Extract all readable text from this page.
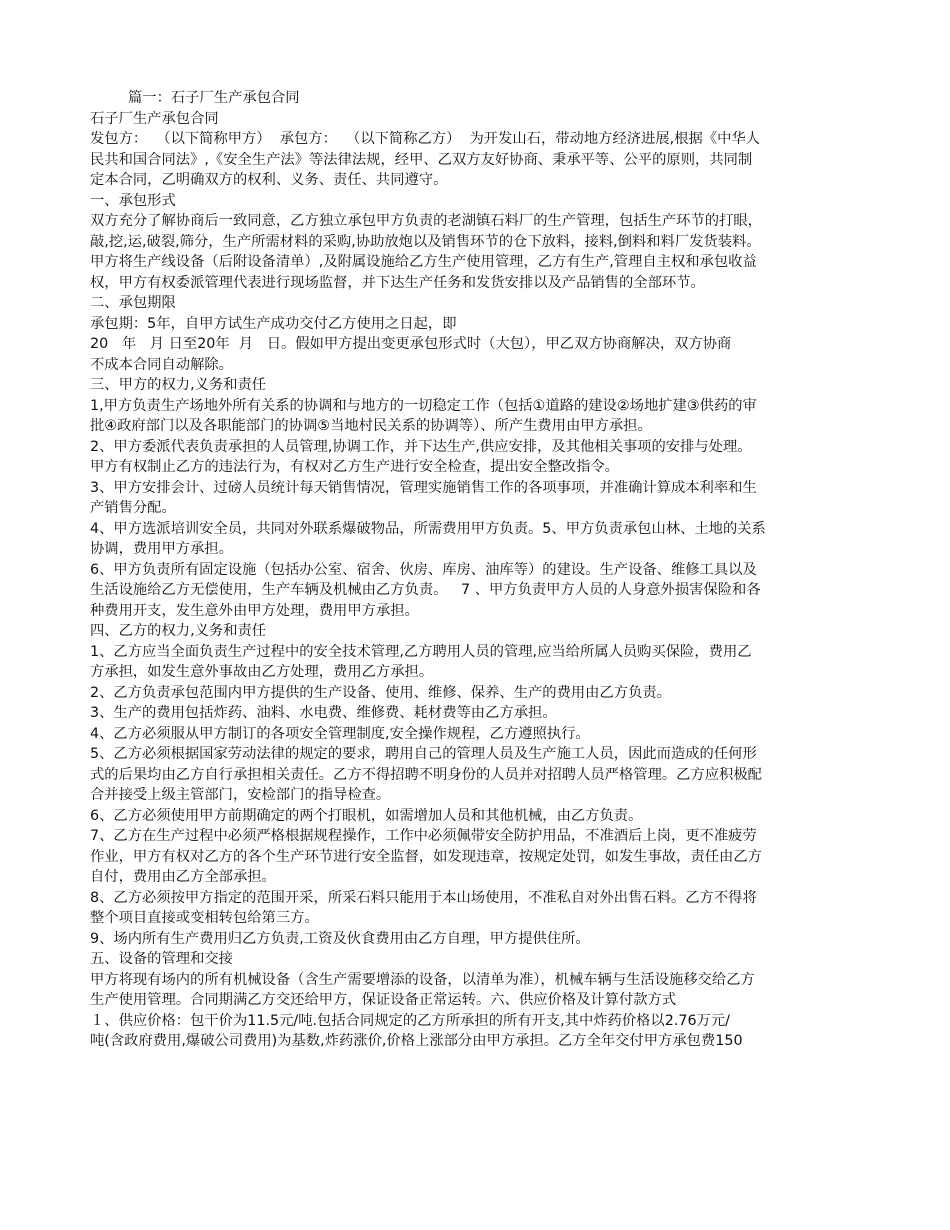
篇一：石子厂生产承包合同
石子厂生产承包合同
发包方：  （以下简称甲方）  承包方：  （以下简称乙方）  为开发山石，带动地方经济进展,根据《中华人
民共和国合同法》,《安全生产法》等法律法规，经甲、乙双方友好协商、秉承平等、公平的原则，共同制
定本合同，乙明确双方的权利、义务、责任、共同遵守。
一、承包形式
双方充分了解协商后一致同意，乙方独立承包甲方负责的老湖镇石料厂的生产管理，包括生产环节的打眼，
敲,挖,运,破裂,筛分，生产所需材料的采购,协助放炮以及销售环节的仓下放料，接料,倒料和料厂发货装料。
甲方将生产线设备（后附设备清单）,及附属设施给乙方生产使用管理，乙方有生产,管理自主权和承包收益
权，甲方有权委派管理代表进行现场监督，并下达生产任务和发货安排以及产品销售的全部环节。
二、承包期限
承包期：5年，自甲方试生产成功交付乙方使用之日起，即
20   年   月 日至20年  月   日。假如甲方提出变更承包形式时（大包），甲乙双方协商解决，双方协商
不成本合同自动解除。
三、甲方的权力,义务和责任
1,甲方负责生产场地外所有关系的协调和与地方的一切稳定工作（包括①道路的建设②场地扩建③供药的审
批④政府部门以及各职能部门的协调⑤当地村民关系的协调等）、所产生费用由甲方承担。
2、甲方委派代表负责承担的人员管理,协调工作，并下达生产,供应安排，及其他相关事项的安排与处理。
甲方有权制止乙方的违法行为，有权对乙方生产进行安全检查，提出安全整改指令。
3、甲方安排会计、过磅人员统计每天销售情况，管理实施销售工作的各项事项，并准确计算成本利率和生
产销售分配。
4、甲方选派培训安全员，共同对外联系爆破物品，所需费用甲方负责。5、甲方负责承包山林、土地的关系
协调，费用甲方承担。
6、甲方负责所有固定设施（包括办公室、宿舍、伙房、库房、油库等）的建设。生产设备、维修工具以及
生活设施给乙方无偿使用，生产车辆及机械由乙方负责。   7 、甲方负责甲方人员的人身意外损害保险和各
种费用开支，发生意外由甲方处理，费用甲方承担。
四、乙方的权力,义务和责任
1、乙方应当全面负责生产过程中的安全技术管理,乙方聘用人员的管理,应当给所属人员购买保险，费用乙
方承担，如发生意外事故由乙方处理，费用乙方承担。
2、乙方负责承包范围内甲方提供的生产设备、使用、维修、保养、生产的费用由乙方负责。
3、生产的费用包括炸药、油料、水电费、维修费、耗材费等由乙方承担。
4、乙方必须服从甲方制订的各项安全管理制度,安全操作规程，乙方遵照执行。
5、乙方必须根据国家劳动法律的规定的要求，聘用自己的管理人员及生产施工人员，因此而造成的任何形
式的后果均由乙方自行承担相关责任。乙方不得招聘不明身份的人员并对招聘人员严格管理。乙方应积极配
合并接受上级主管部门，安检部门的指导检查。
6、乙方必须使用甲方前期确定的两个打眼机，如需增加人员和其他机械，由乙方负责。
7、乙方在生产过程中必须严格根据规程操作，工作中必须佩带安全防护用品，不准酒后上岗，更不准疲劳
作业，甲方有权对乙方的各个生产环节进行安全监督，如发现违章，按规定处罚，如发生事故，责任由乙方
自付，费用由乙方全部承担。
8、乙方必须按甲方指定的范围开采，所采石料只能用于本山场使用，不准私自对外出售石料。乙方不得将
整个项目直接或变相转包给第三方。
9、场内所有生产费用归乙方负责,工资及伙食费用由乙方自理，甲方提供住所。
五、设备的管理和交接
甲方将现有场内的所有机械设备（含生产需要增添的设备，以清单为准），机械车辆与生活设施移交给乙方
生产使用管理。合同期满乙方交还给甲方，保证设备正常运转。六、供应价格及计算付款方式
１、供应价格：包干价为11.5元/吨.包括合同规定的乙方所承担的所有开支,其中炸药价格以2.76万元/
吨(含政府费用,爆破公司费用)为基数,炸药涨价,价格上涨部分由甲方承担。乙方全年交付甲方承包费150
